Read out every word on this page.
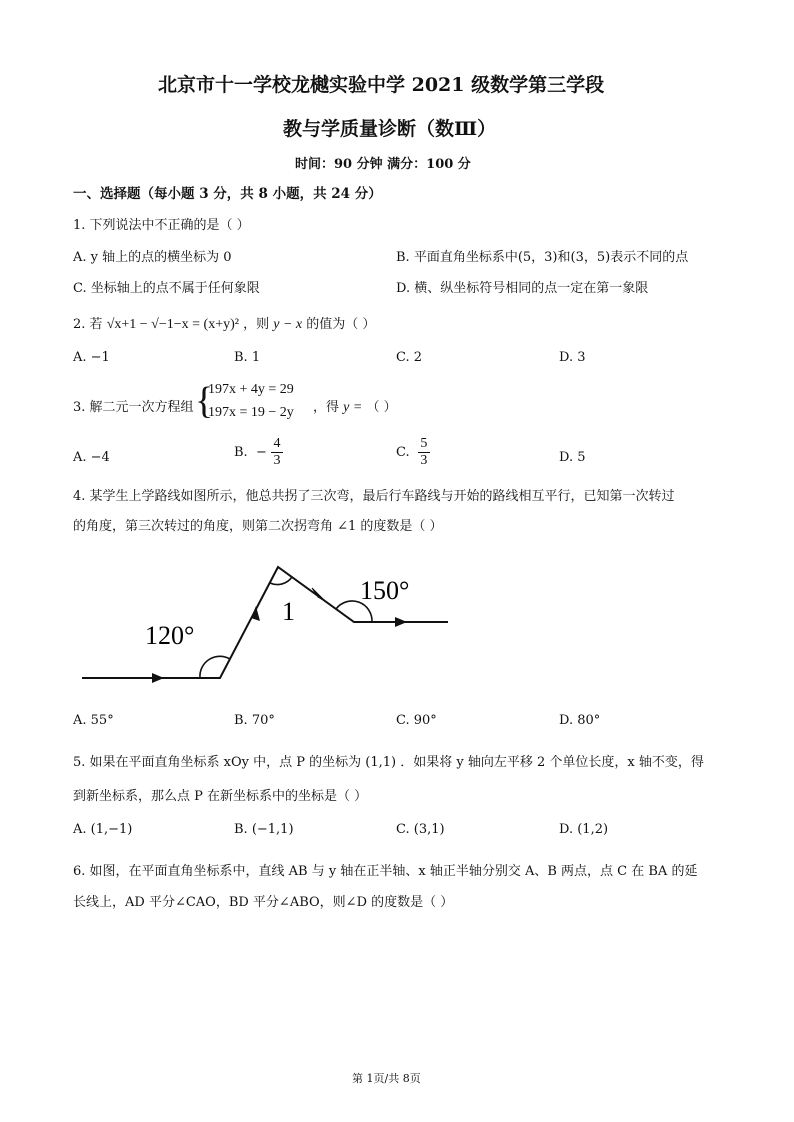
北京市十一学校龙樾实验中学 2021 级数学第三学段
教与学质量诊断（数Ⅲ）
时间：90 分钟 满分：100 分
一、选择题（每小题 3 分，共 8 小题，共 24 分）
1. 下列说法中不正确的是（ ）
A. y 轴上的点的横坐标为 0	B. 平面直角坐标系中(5，3)和(3，5)表示不同的点
C. 坐标轴上的点不属于任何象限	D. 横、纵坐标符号相同的点一定在第一象限
2. 若 √x+1 − √−1−x = (x+y)² ，则 y − x 的值为（ ）
A. −1	B. 1	C. 2	D. 3
3. 解二元一次方程组 {
197x + 4y = 29
197x = 19 − 2y ，得 y = （ ）
A. −4	B. − $\frac{4}{3}$	C. $\frac{5}{3}$	D. 5
4. 某学生上学路线如图所示，他总共拐了三次弯，最后行车路线与开始的路线相互平行，已知第一次转过
的角度，第三次转过的角度，则第二次拐弯角 ∠1 的度数是（ ）
120°
1
150°
A. 55°	B. 70°	C. 90°	D. 80°
5. 如果在平面直角坐标系 xOy 中，点 P 的坐标为 (1,1) ．如果将 y 轴向左平移 2 个单位长度，x 轴不变，得
到新坐标系，那么点 P 在新坐标系中的坐标是（ ）
A. (1,−1)	B. (−1,1)	C. (3,1)	D. (1,2)
6. 如图，在平面直角坐标系中，直线 AB 与 y 轴在正半轴、x 轴正半轴分别交 A、B 两点，点 C 在 BA 的延
长线上，AD 平分∠CAO，BD 平分∠ABO，则∠D 的度数是（ ）
第 1页/共 8页
